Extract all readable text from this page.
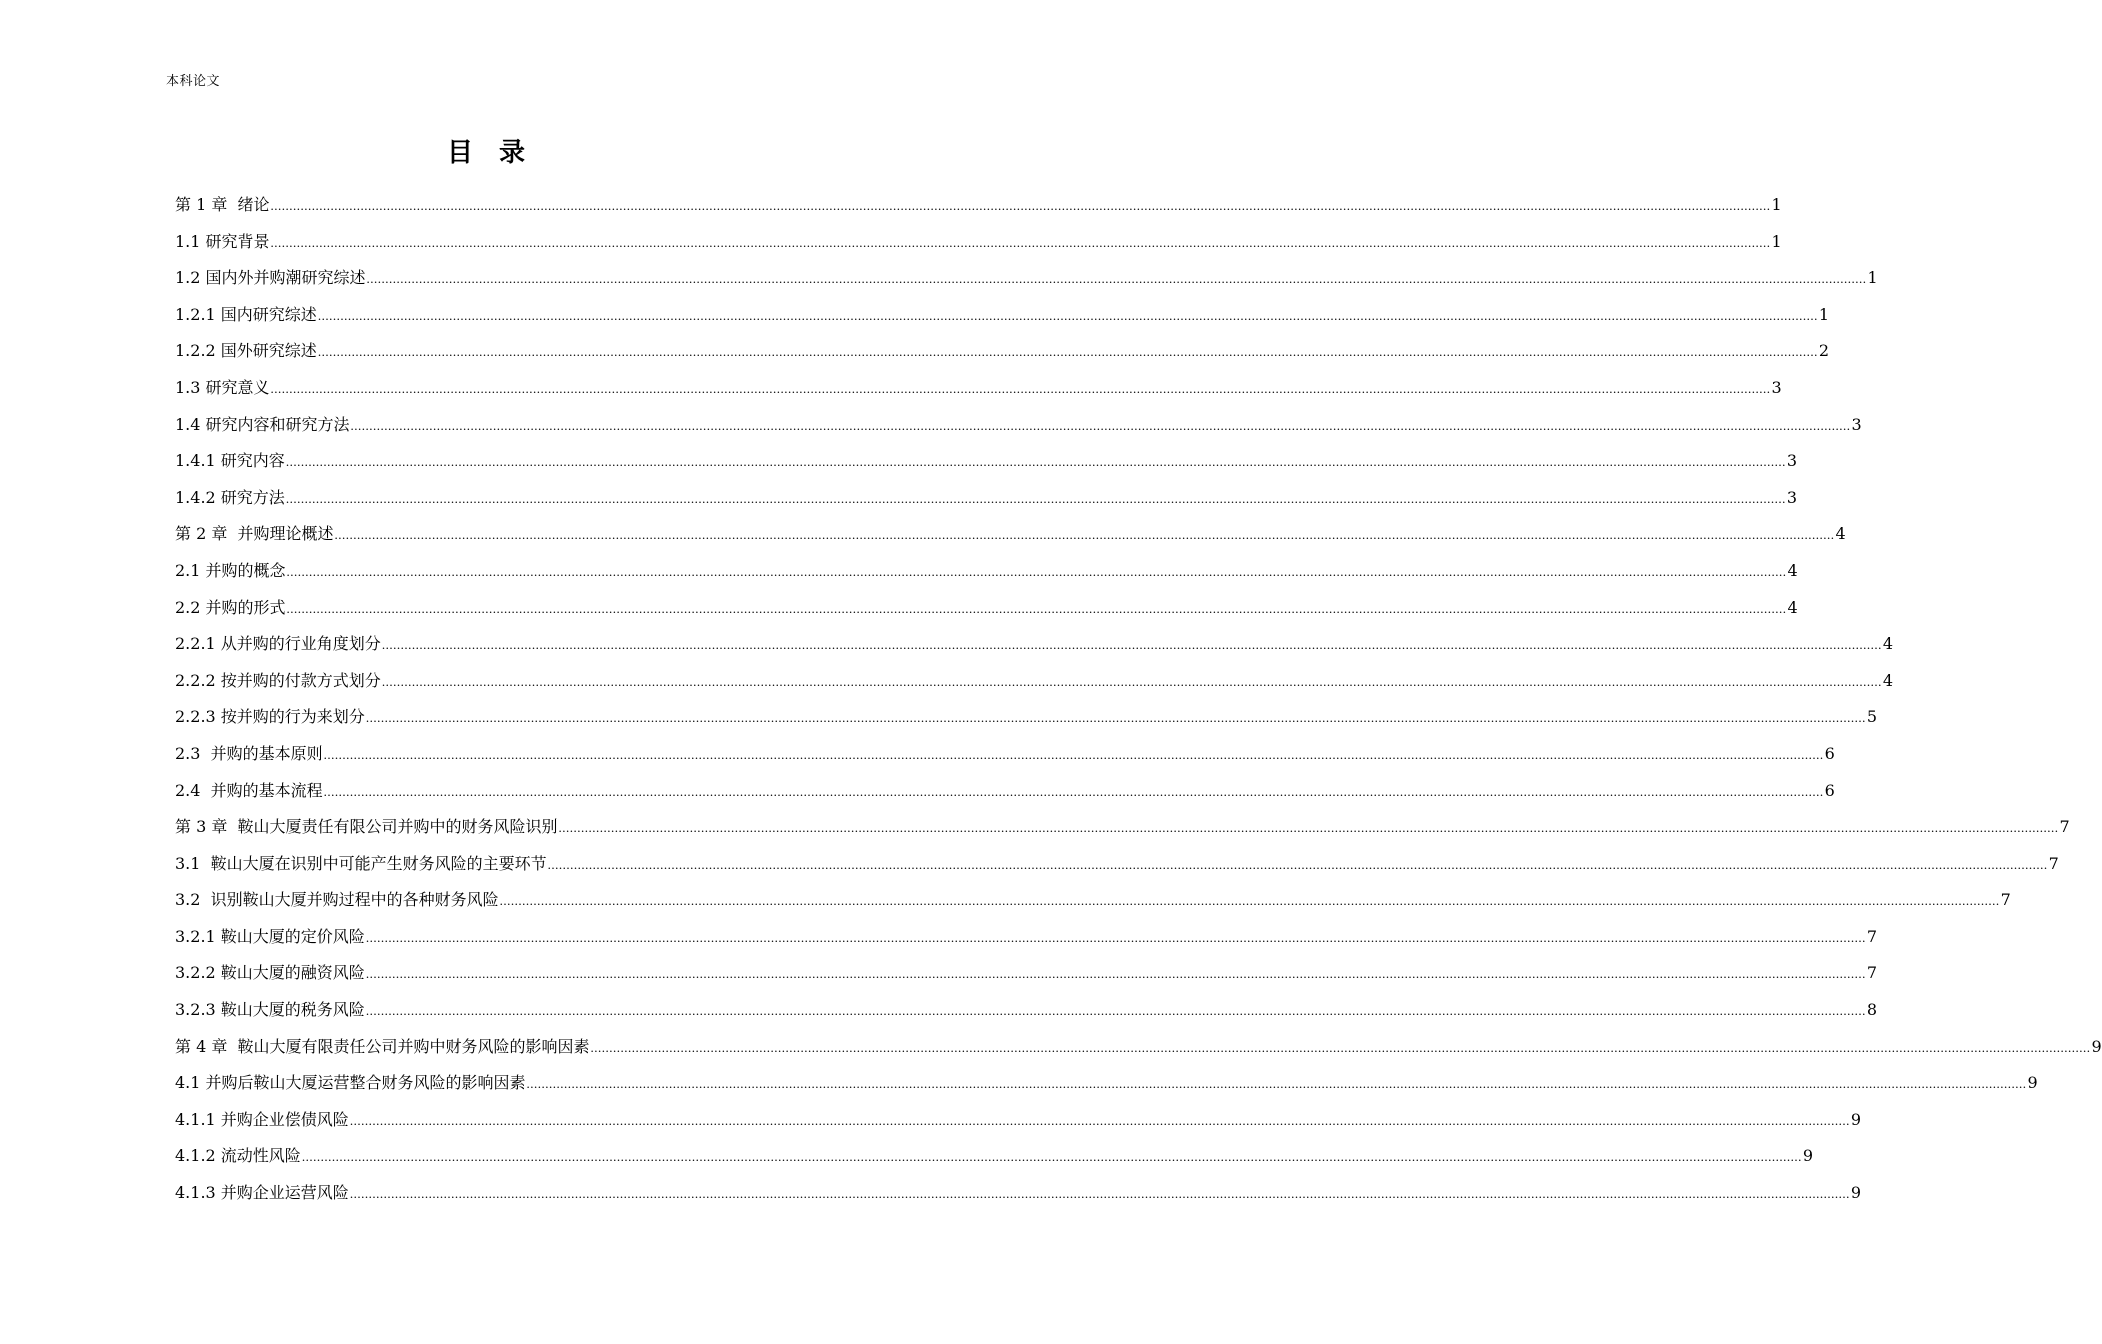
本科论文
目录
第 1 章  绪论 ................................................................................................................................................................................................................................................................................................................................................................................................................ 1
1.1 研究背景 ................................................................................................................................................................................................................................................................................................................................................................................................................ 1
1.2 国内外并购潮研究综述 ................................................................................................................................................................................................................................................................................................................................................................................................................ 1
1.2.1 国内研究综述 ................................................................................................................................................................................................................................................................................................................................................................................................................ 1
1.2.2 国外研究综述 ................................................................................................................................................................................................................................................................................................................................................................................................................ 2
1.3 研究意义 ................................................................................................................................................................................................................................................................................................................................................................................................................ 3
1.4 研究内容和研究方法 ................................................................................................................................................................................................................................................................................................................................................................................................................ 3
1.4.1 研究内容 ................................................................................................................................................................................................................................................................................................................................................................................................................ 3
1.4.2 研究方法 ................................................................................................................................................................................................................................................................................................................................................................................................................ 3
第 2 章  并购理论概述 ................................................................................................................................................................................................................................................................................................................................................................................................................ 4
2.1 并购的概念 ................................................................................................................................................................................................................................................................................................................................................................................................................ 4
2.2 并购的形式 ................................................................................................................................................................................................................................................................................................................................................................................................................ 4
2.2.1 从并购的行业角度划分 ................................................................................................................................................................................................................................................................................................................................................................................................................ 4
2.2.2 按并购的付款方式划分 ................................................................................................................................................................................................................................................................................................................................................................................................................ 4
2.2.3 按并购的行为来划分 ................................................................................................................................................................................................................................................................................................................................................................................................................ 5
2.3  并购的基本原则 ................................................................................................................................................................................................................................................................................................................................................................................................................ 6
2.4  并购的基本流程 ................................................................................................................................................................................................................................................................................................................................................................................................................ 6
第 3 章  鞍山大厦责任有限公司并购中的财务风险识别 ................................................................................................................................................................................................................................................................................................................................................................................................................ 7
3.1  鞍山大厦在识别中可能产生财务风险的主要环节 ................................................................................................................................................................................................................................................................................................................................................................................................................ 7
3.2  识别鞍山大厦并购过程中的各种财务风险 ................................................................................................................................................................................................................................................................................................................................................................................................................ 7
3.2.1 鞍山大厦的定价风险 ................................................................................................................................................................................................................................................................................................................................................................................................................ 7
3.2.2 鞍山大厦的融资风险 ................................................................................................................................................................................................................................................................................................................................................................................................................ 7
3.2.3 鞍山大厦的税务风险 ................................................................................................................................................................................................................................................................................................................................................................................................................ 8
第 4 章  鞍山大厦有限责任公司并购中财务风险的影响因素 ................................................................................................................................................................................................................................................................................................................................................................................................................ 9
4.1 并购后鞍山大厦运营整合财务风险的影响因素 ................................................................................................................................................................................................................................................................................................................................................................................................................ 9
4.1.1 并购企业偿债风险 ................................................................................................................................................................................................................................................................................................................................................................................................................ 9
4.1.2 流动性风险 ................................................................................................................................................................................................................................................................................................................................................................................................................ 9
4.1.3 并购企业运营风险 ................................................................................................................................................................................................................................................................................................................................................................................................................ 9
